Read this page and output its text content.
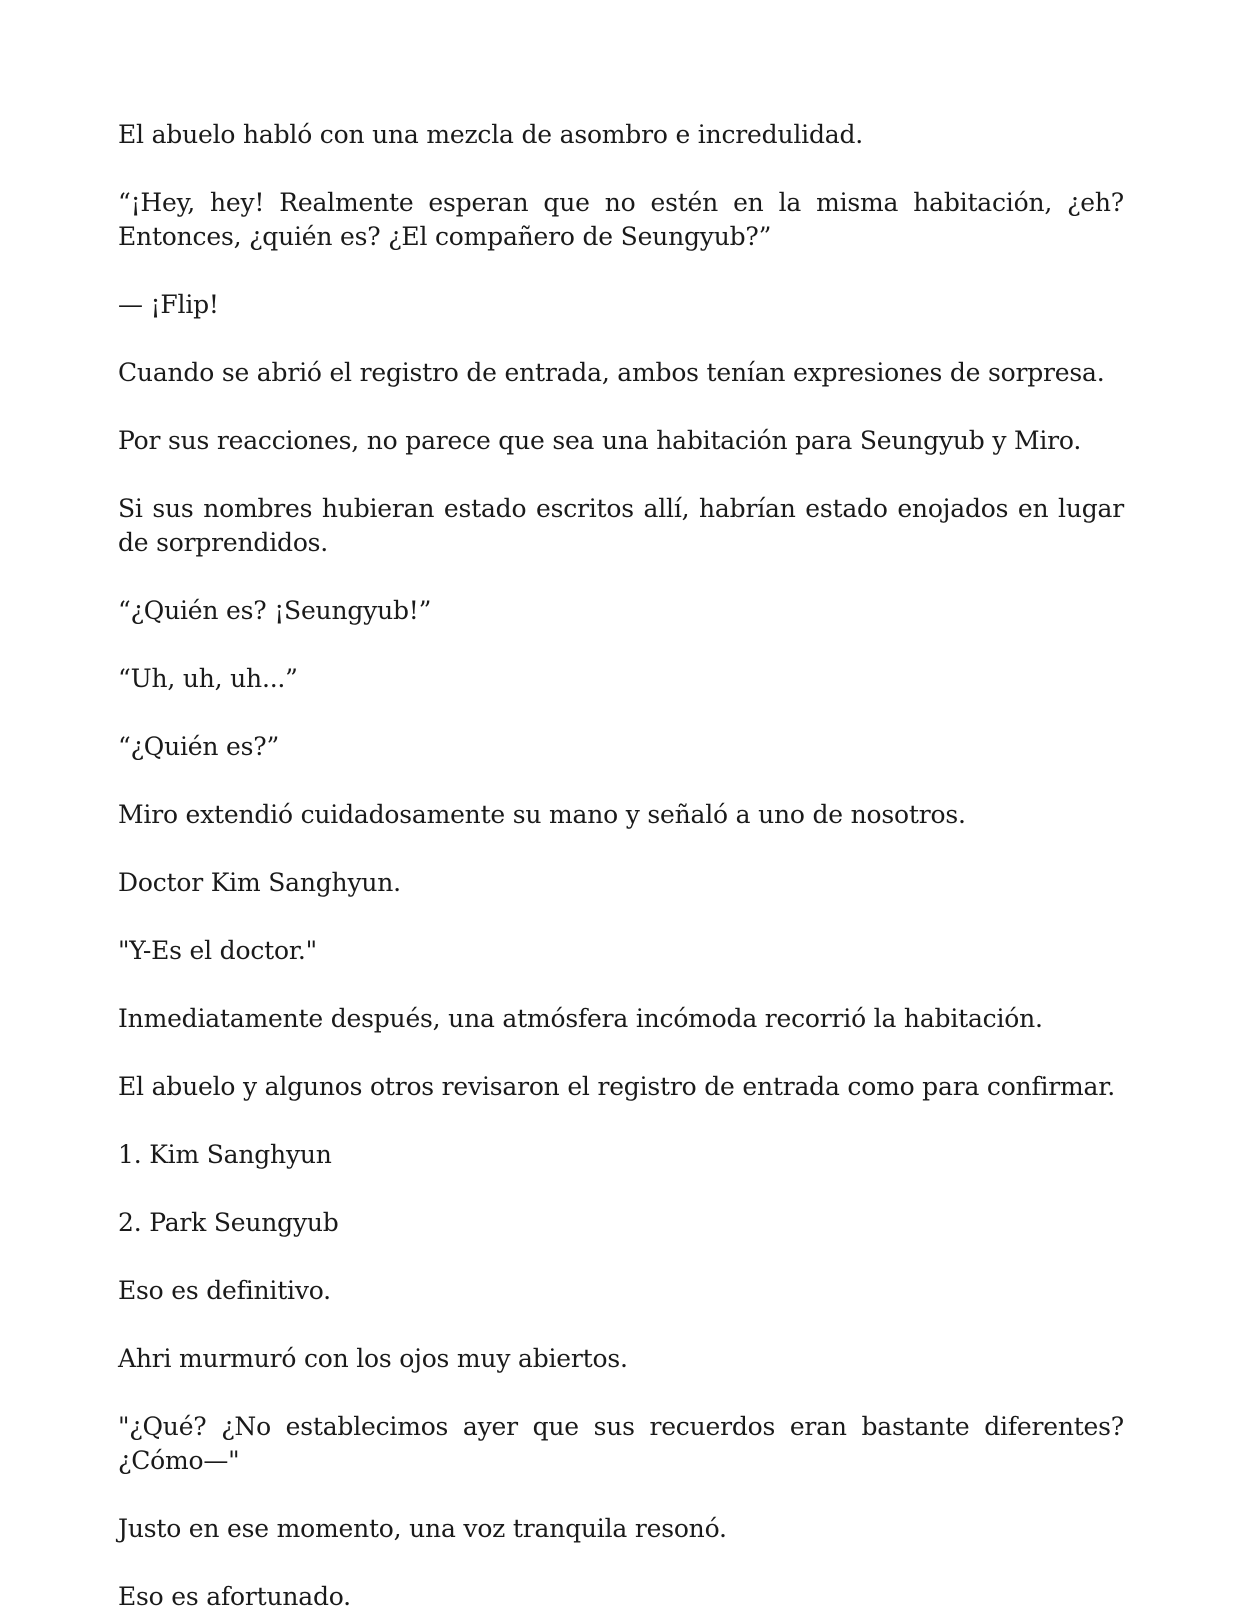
El abuelo habló con una mezcla de asombro e incredulidad.

“¡Hey, hey! Realmente esperan que no estén en la misma habitación, ¿eh? Entonces, ¿quién es? ¿El compañero de Seungyub?”

— ¡Flip!

Cuando se abrió el registro de entrada, ambos tenían expresiones de sorpresa.

Por sus reacciones, no parece que sea una habitación para Seungyub y Miro.

Si sus nombres hubieran estado escritos allí, habrían estado enojados en lugar de sorprendidos.

“¿Quién es? ¡Seungyub!”

“Uh, uh, uh...”

“¿Quién es?”

Miro extendió cuidadosamente su mano y señaló a uno de nosotros.

Doctor Kim Sanghyun.

"Y-Es el doctor."

Inmediatamente después, una atmósfera incómoda recorrió la habitación.

El abuelo y algunos otros revisaron el registro de entrada como para confirmar.

1. Kim Sanghyun

2. Park Seungyub

Eso es definitivo.

Ahri murmuró con los ojos muy abiertos.

"¿Qué? ¿No establecimos ayer que sus recuerdos eran bastante diferentes? ¿Cómo—"

Justo en ese momento, una voz tranquila resonó.

Eso es afortunado.
